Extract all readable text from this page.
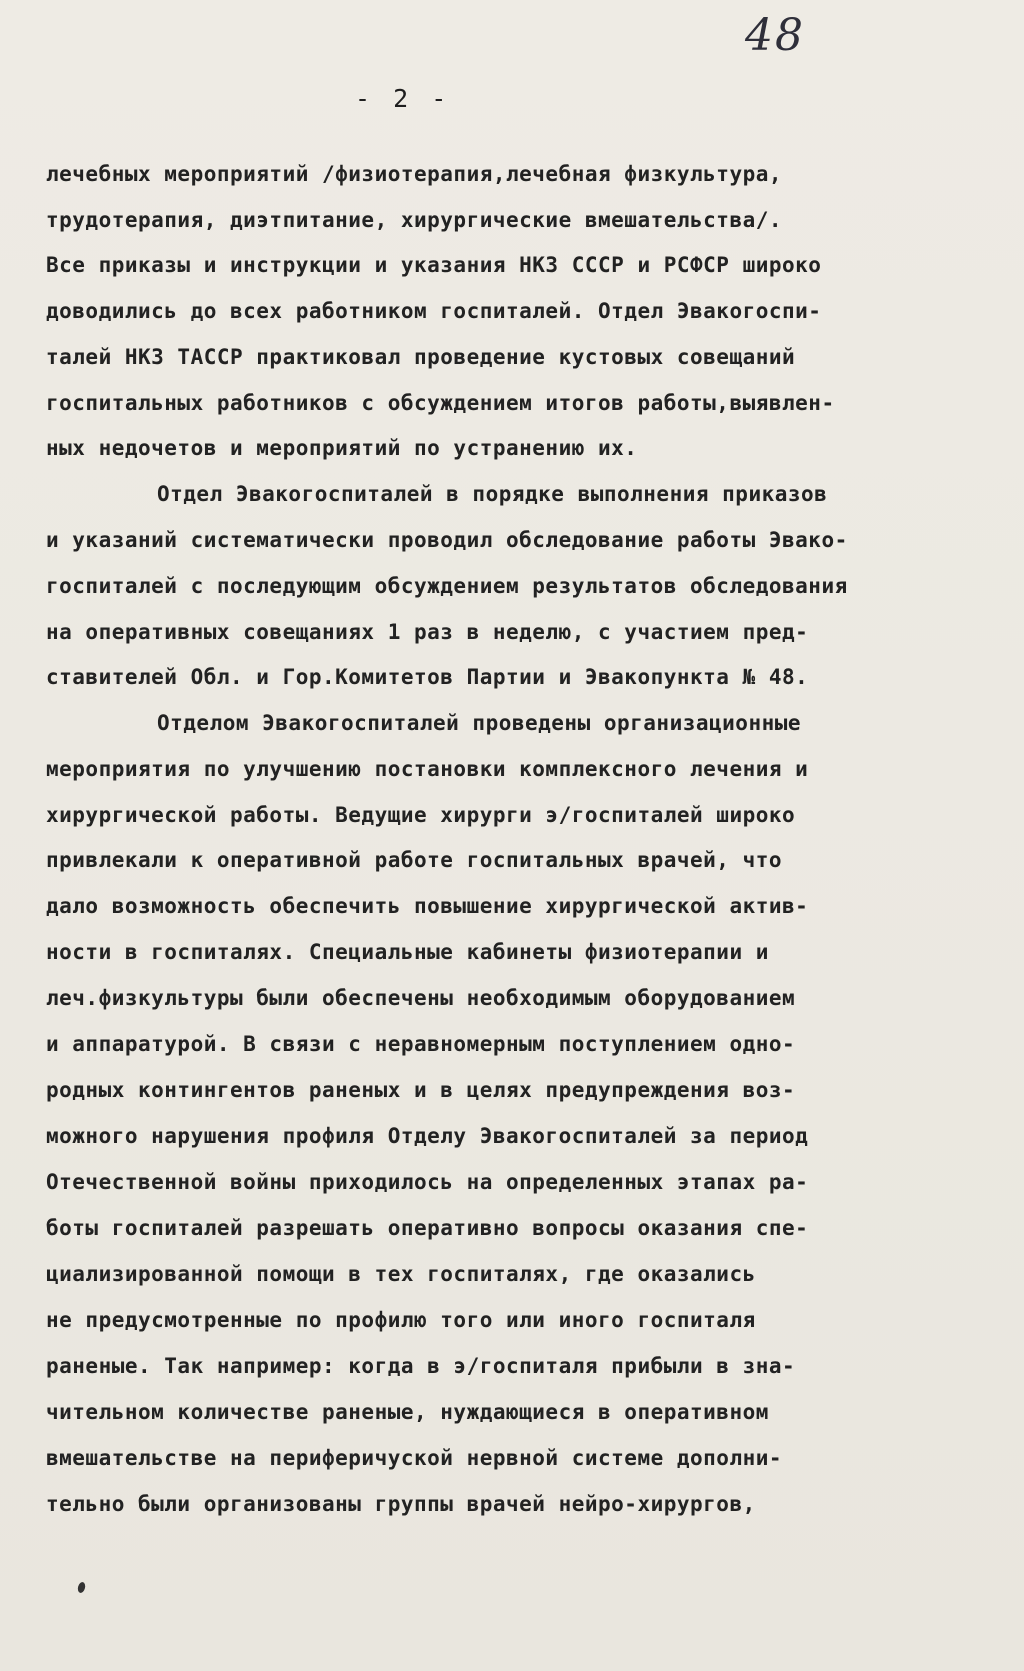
48
- 2 -
лечебных мероприятий /физиотерапия,лечебная физкультура,
трудотерапия, диэтпитание, хирургические вмешательства/.
Все приказы и инструкции и указания НКЗ СССР и РСФСР широко
доводились до всех работником госпиталей. Отдел Эвакогоспи-
талей НКЗ ТАССР практиковал проведение кустовых совещаний
госпитальных работников с обсуждением итогов работы,выявлен-
ных недочетов и мероприятий по устранению их.
Отдел Эвакогоспиталей в порядке выполнения приказов
и указаний систематически проводил обследование работы Эвако-
госпиталей с последующим обсуждением результатов обследования
на оперативных совещаниях 1 раз в неделю, с участием пред-
ставителей Обл. и Гор.Комитетов Партии и Эвакопункта № 48.
Отделом Эвакогоспиталей проведены организационные
мероприятия по улучшению постановки комплексного лечения и
хирургической работы. Ведущие хирурги э/госпиталей широко
привлекали к оперативной работе госпитальных врачей, что
дало возможность обеспечить повышение хирургической актив-
ности в госпиталях. Специальные кабинеты физиотерапии и
леч.физкультуры были обеспечены необходимым оборудованием
и аппаратурой. В связи с неравномерным поступлением одно-
родных контингентов раненых и в целях предупреждения воз-
можного нарушения профиля Отделу Эвакогоспиталей за период
Отечественной войны приходилось на определенных этапах ра-
боты госпиталей разрешать оперативно вопросы оказания спе-
циализированной помощи в тех госпиталях, где оказались
не предусмотренные по профилю того или иного госпиталя
раненые. Так например: когда в э/госпиталя прибыли в зна-
чительном количестве раненые, нуждающиеся в оперативном
вмешательстве на периферичуской нервной системе дополни-
тельно были организованы группы врачей нейро-хирургов,
